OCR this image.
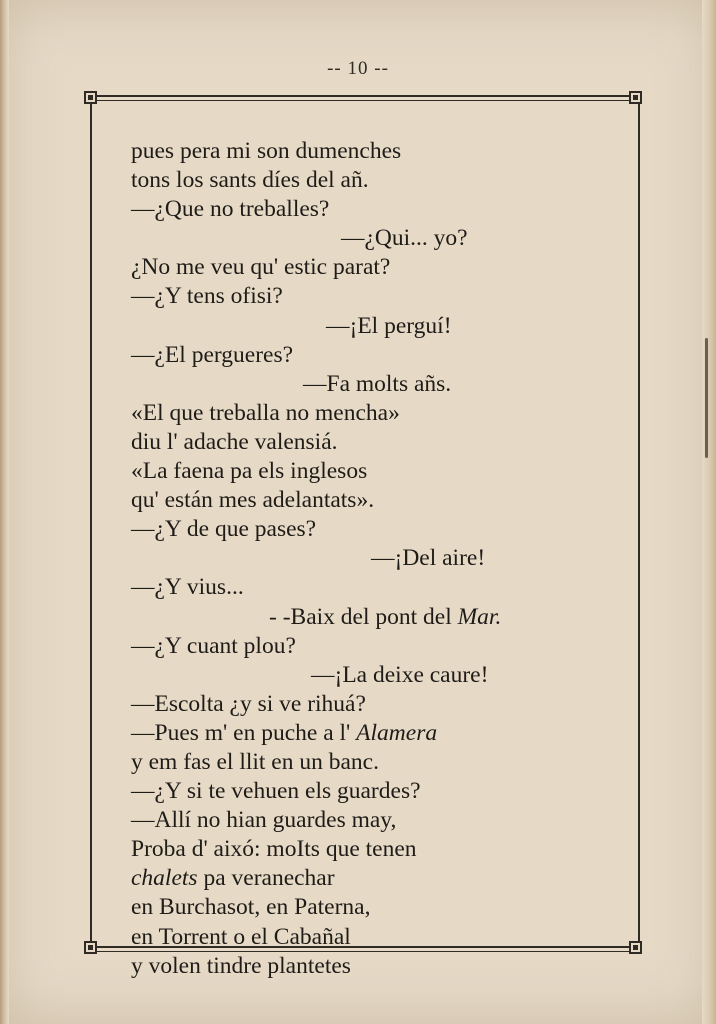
-- 10 --
pues pera mi son dumenches
tons los sants díes del añ.
—¿Que no treballes?
—¿Qui... yo?
¿No me veu qu' estic parat?
—¿Y tens ofisi?
—¡El perguí!
—¿El pergueres?
—Fa molts añs.
«El que treballa no mencha»
diu l' adache valensiá.
«La faena pa els inglesos
qu' están mes adelantats».
—¿Y de que pases?
—¡Del aire!
—¿Y vius...
- -Baix del pont del Mar.
—¿Y cuant plou?
—¡La deixe caure!
—Escolta ¿y si ve rihuá?
—Pues m' en puche a l' Alamera
y em fas el llit en un banc.
—¿Y si te vehuen els guardes?
—Allí no hian guardes may,
Proba d' aixó: moIts que tenen
chalets pa veranechar
en Burchasot, en Paterna,
en Torrent o el Cabañal
y volen tindre plantetes
